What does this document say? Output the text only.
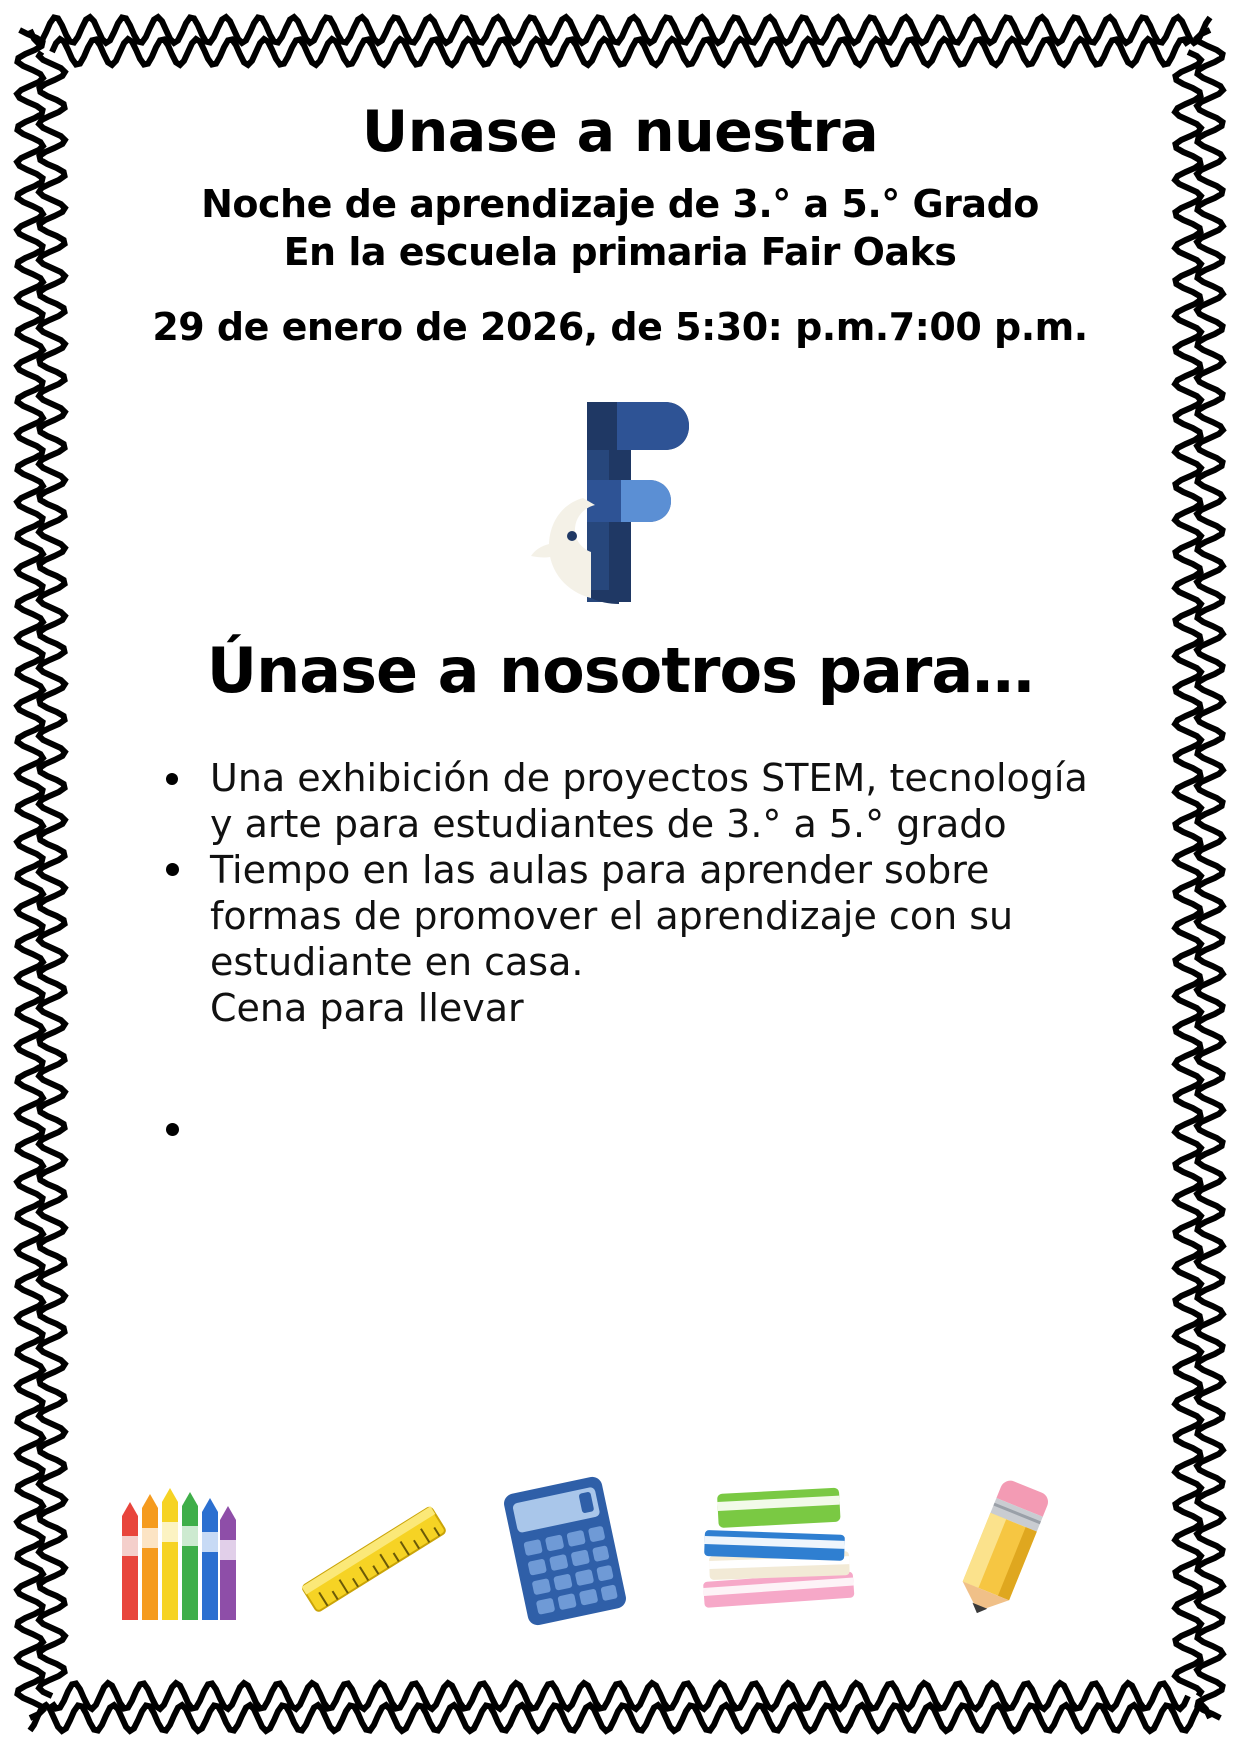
Unase a nuestra
Noche de aprendizaje de 3.° a 5.° Grado
En la escuela primaria Fair Oaks
29 de enero de 2026, de 5:30: p.m.7:00 p.m.
Únase a nosotros para…
Una exhibición de proyectos STEM, tecnología y arte para estudiantes de 3.° a 5.° grado
Tiempo en las aulas para aprender sobre formas de promover el aprendizaje con su estudiante en casa.
Cena para llevar
